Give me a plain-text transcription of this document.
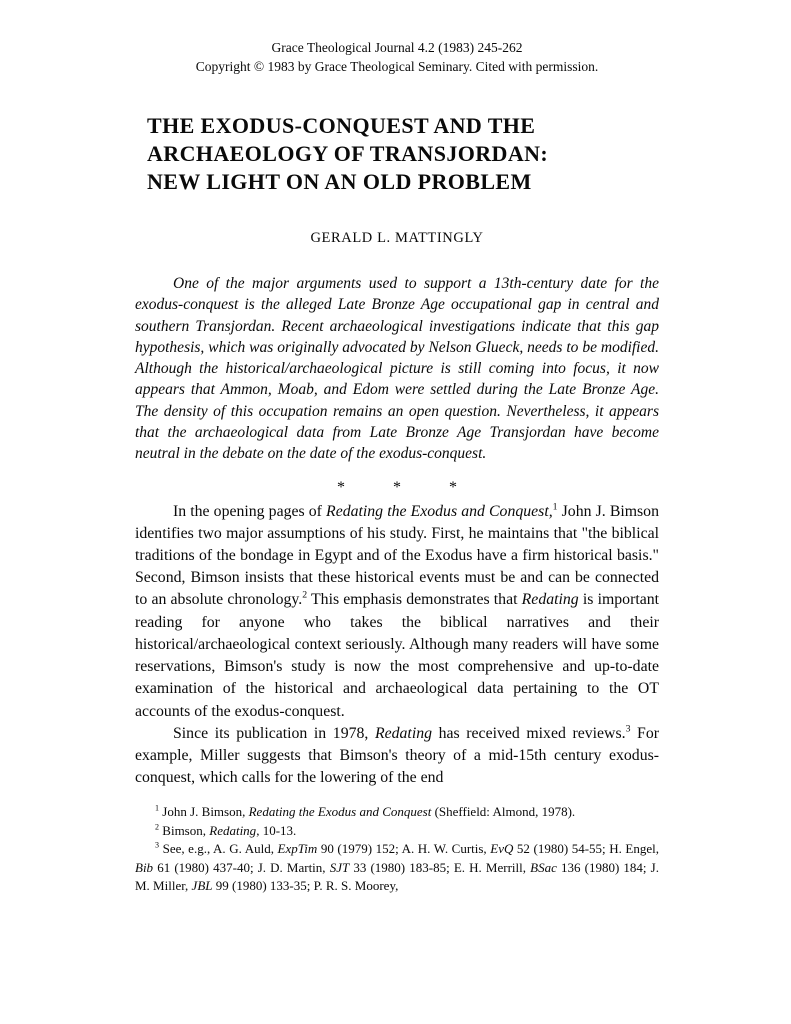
Grace Theological Journal 4.2 (1983) 245-262
Copyright © 1983 by Grace Theological Seminary. Cited with permission.
THE EXODUS-CONQUEST AND THE
ARCHAEOLOGY OF TRANSJORDAN:
NEW LIGHT ON AN OLD PROBLEM
GERALD L. MATTINGLY

One of the major arguments used to support a 13th-century date for the exodus-conquest is the alleged Late Bronze Age occupational gap in central and southern Transjordan. Recent archaeological investigations indicate that this gap hypothesis, which was originally advocated by Nelson Glueck, needs to be modified. Although the historical/archaeological picture is still coming into focus, it now appears that Ammon, Moab, and Edom were settled during the Late Bronze Age. The density of this occupation remains an open question. Nevertheless, it appears that the archaeological data from Late Bronze Age Transjordan have become neutral in the debate on the date of the exodus-conquest.

* * *

In the opening pages of Redating the Exodus and Conquest,$^1$ John J. Bimson identifies two major assumptions of his study. First, he maintains that "the biblical traditions of the bondage in Egypt and of the Exodus have a firm historical basis." Second, Bimson insists that these historical events must be and can be connected to an absolute chronology.$^2$ This emphasis demonstrates that Redating is important reading for anyone who takes the biblical narratives and their historical/archaeological context seriously. Although many readers will have some reservations, Bimson's study is now the most comprehensive and up-to-date examination of the historical and archaeological data pertaining to the OT accounts of the exodus-conquest.

Since its publication in 1978, Redating has received mixed reviews.$^3$ For example, Miller suggests that Bimson's theory of a mid-15th century exodus-conquest, which calls for the lowering of the end

$^1$ John J. Bimson, Redating the Exodus and Conquest (Sheffield: Almond, 1978).

$^2$ Bimson, Redating, 10-13.

$^3$ See, e.g., A. G. Auld, ExpTim 90 (1979) 152; A. H. W. Curtis, EvQ 52 (1980) 54-55; H. Engel, Bib 61 (1980) 437-40; J. D. Martin, SJT 33 (1980) 183-85; E. H. Merrill, BSac 136 (1980) 184; J. M. Miller, JBL 99 (1980) 133-35; P. R. S. Moorey,
